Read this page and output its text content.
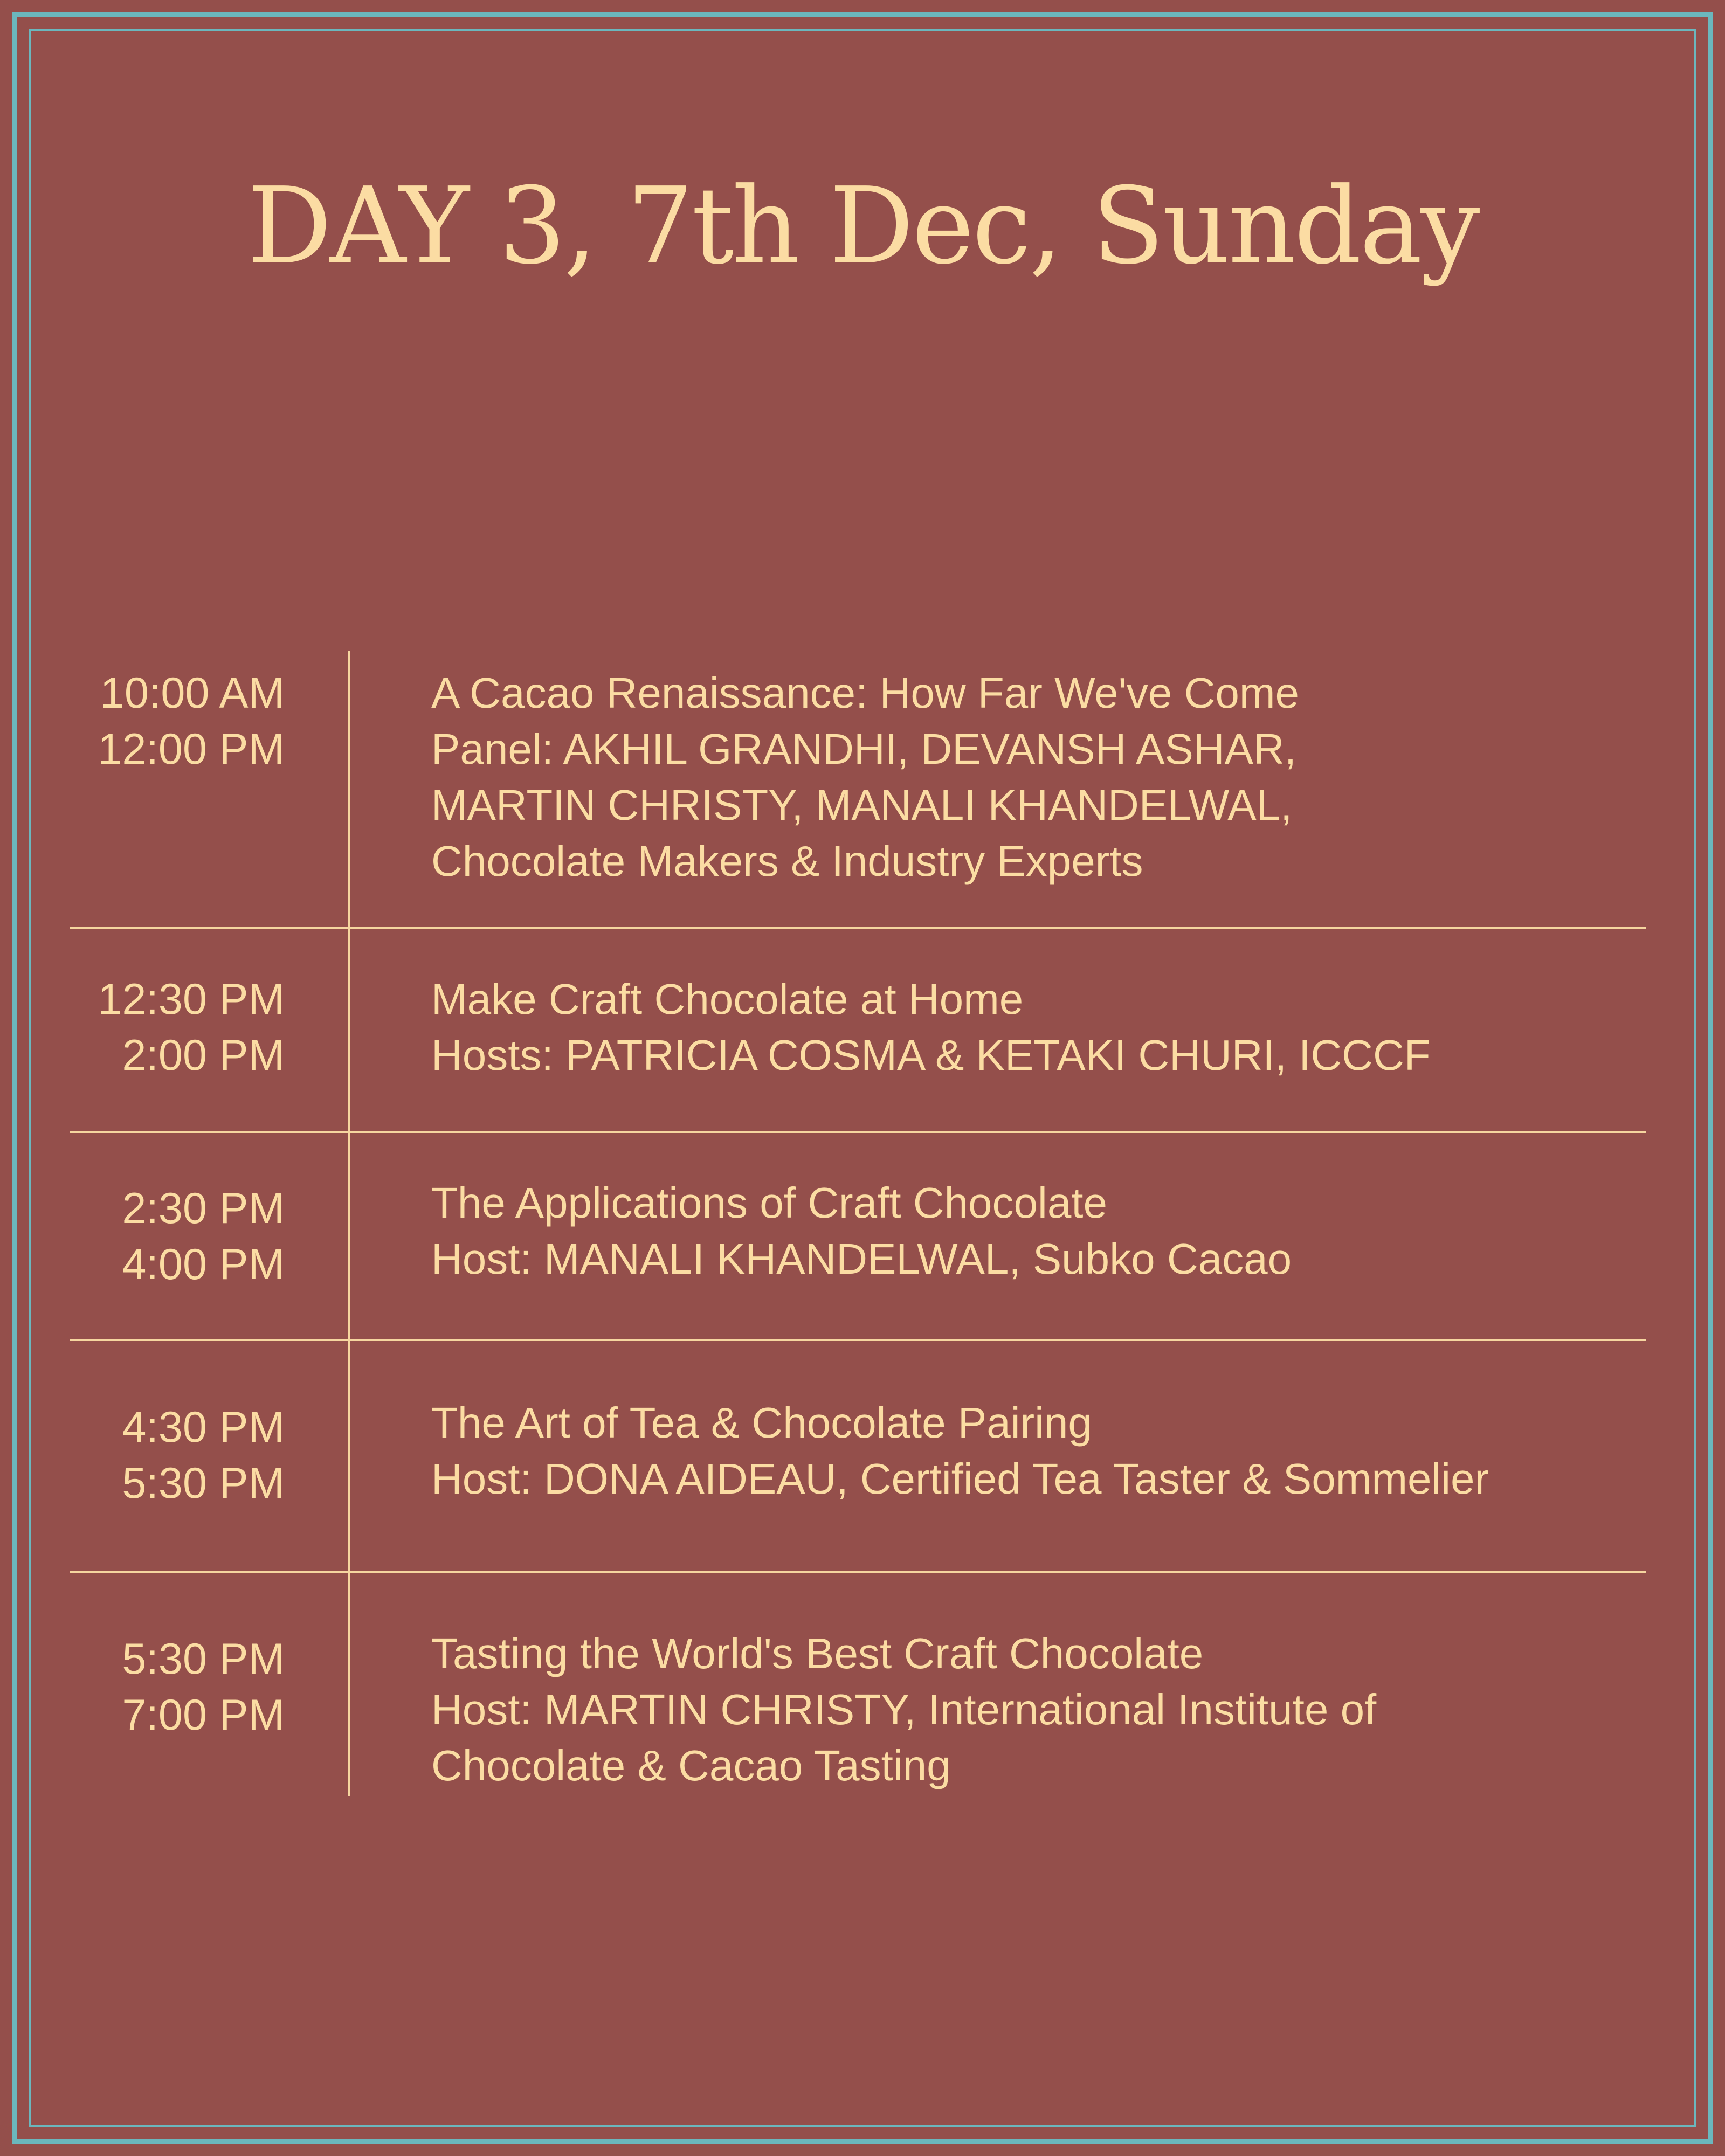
DAY 3, 7th Dec, Sunday
10:00 AM
12:00 PM
A Cacao Renaissance: How Far We've Come
Panel: AKHIL GRANDHI, DEVANSH ASHAR,
MARTIN CHRISTY, MANALI KHANDELWAL,
Chocolate Makers & Industry Experts
12:30 PM
2:00 PM
Make Craft Chocolate at Home
Hosts: PATRICIA COSMA & KETAKI CHURI, ICCCF
2:30 PM
4:00 PM
The Applications of Craft Chocolate
Host: MANALI KHANDELWAL, Subko Cacao
4:30 PM
5:30 PM
The Art of Tea & Chocolate Pairing
Host: DONA AIDEAU, Certified Tea Taster & Sommelier
5:30 PM
7:00 PM
Tasting the World's Best Craft Chocolate
Host: MARTIN CHRISTY, International Institute of
Chocolate & Cacao Tasting
